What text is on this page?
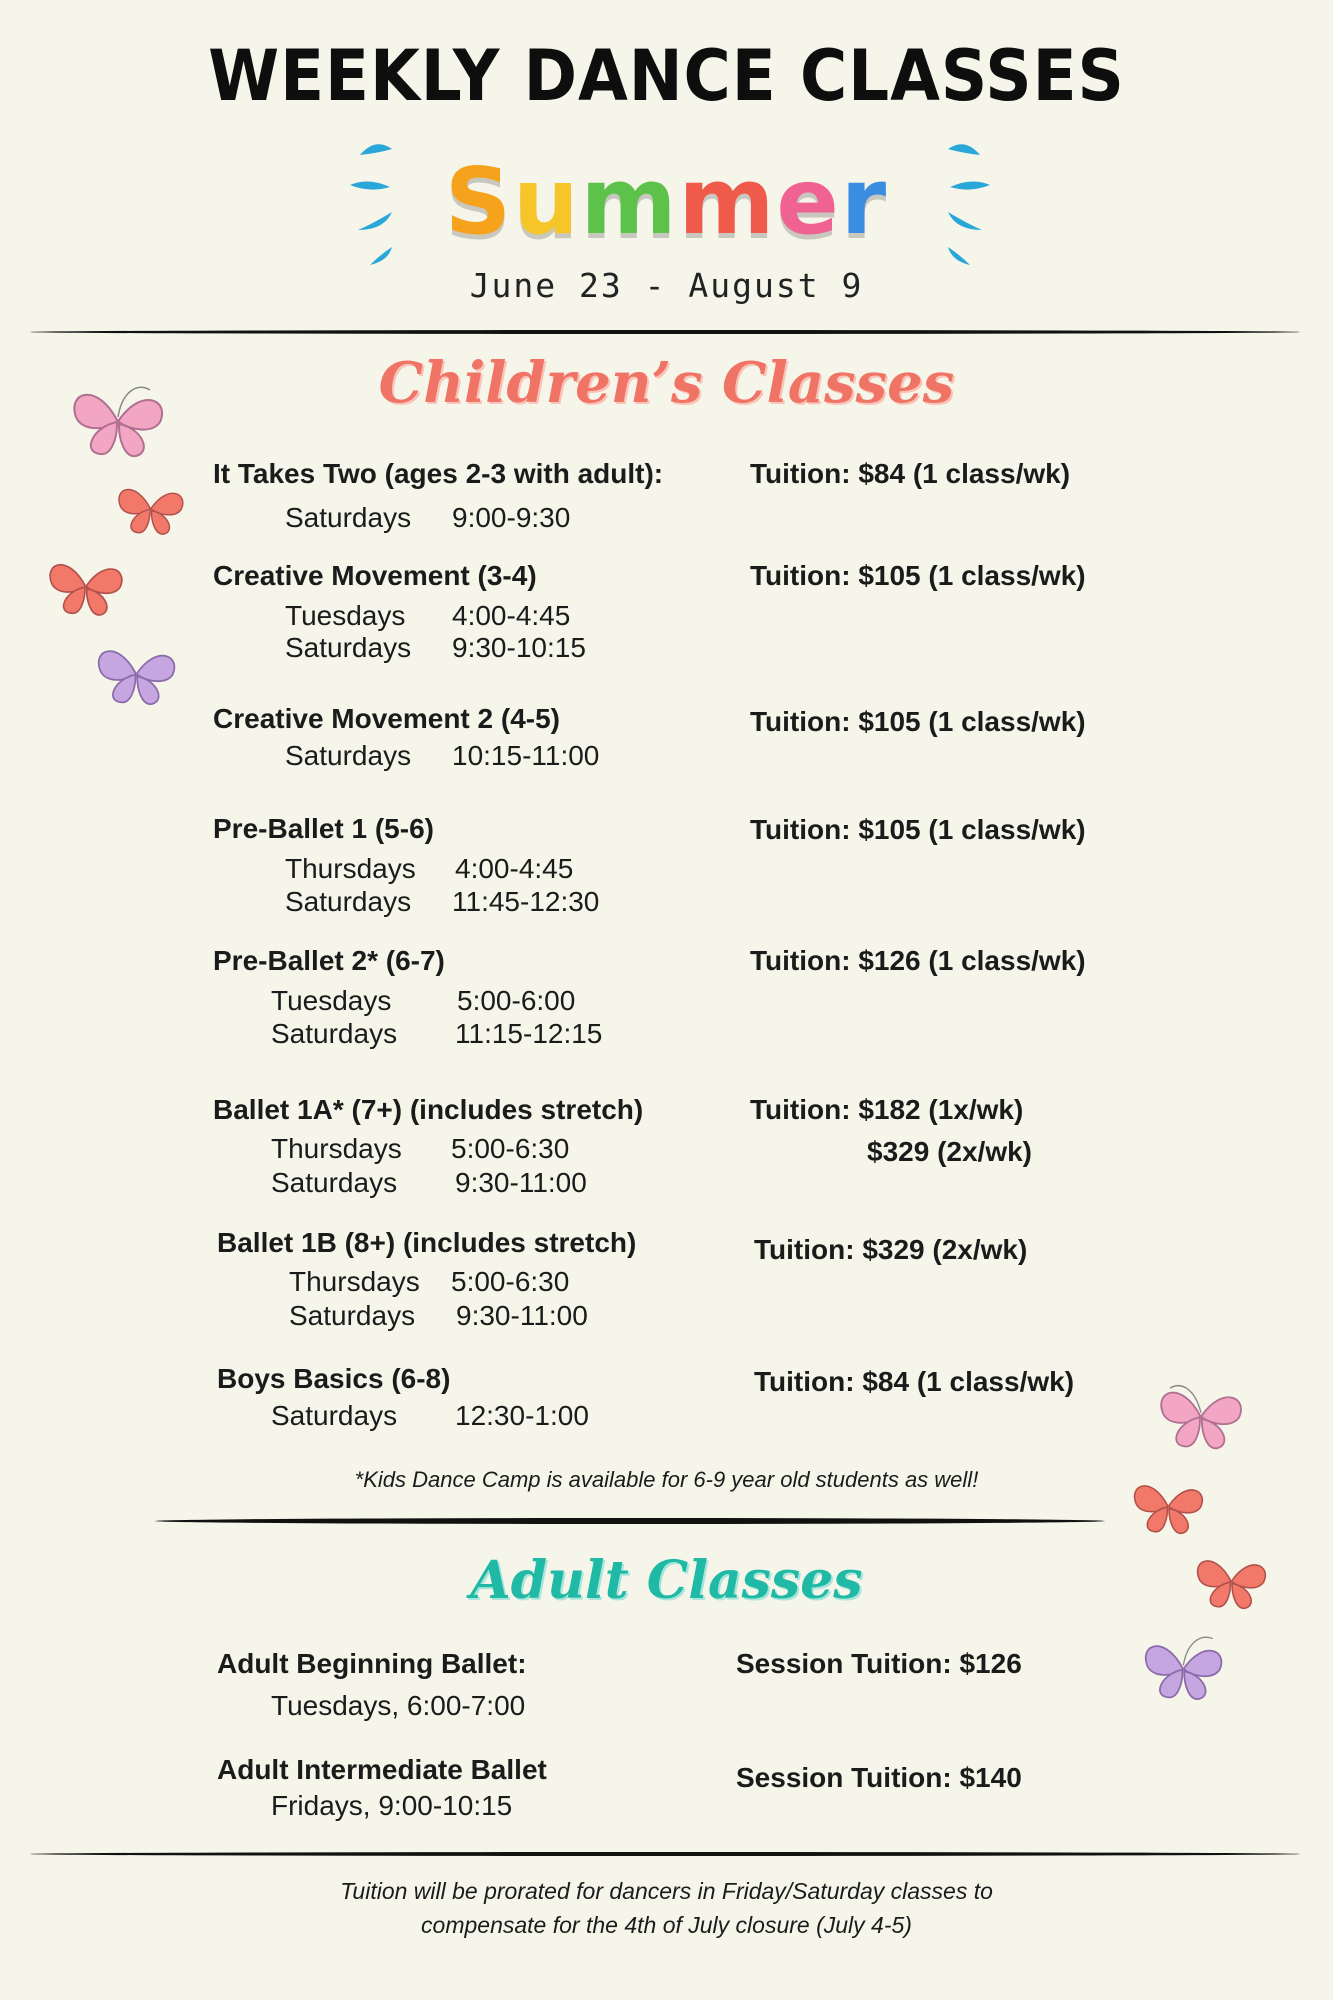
WEEKLY DANCE CLASSES
Summer
June 23 - August 9
Children’s Classes
It Takes Two (ages 2-3 with adult):
Saturdays 9:00-9:30
Tuition: $84 (1 class/wk)
Creative Movement (3-4)
Tuesdays 4:00-4:45
Saturdays 9:30-10:15
Tuition: $105 (1 class/wk)
Creative Movement 2 (4-5)
Saturdays 10:15-11:00
Tuition: $105 (1 class/wk)
Pre-Ballet 1 (5-6)
Thursdays 4:00-4:45
Saturdays 11:45-12:30
Tuition: $105 (1 class/wk)
Pre-Ballet 2* (6-7)
Tuesdays 5:00-6:00
Saturdays 11:15-12:15
Tuition: $126 (1 class/wk)
Ballet 1A* (7+) (includes stretch)
Thursdays 5:00-6:30
Saturdays 9:30-11:00
Tuition: $182 (1x/wk)
$329 (2x/wk)
Ballet 1B (8+) (includes stretch)
Thursdays 5:00-6:30
Saturdays 9:30-11:00
Tuition: $329 (2x/wk)
Boys Basics (6-8)
Saturdays 12:30-1:00
Tuition: $84 (1 class/wk)
*Kids Dance Camp is available for 6-9 year old students as well!
Adult Classes
Adult Beginning Ballet:
Tuesdays, 6:00-7:00
Session Tuition: $126
Adult Intermediate Ballet
Fridays, 9:00-10:15
Session Tuition: $140
Tuition will be prorated for dancers in Friday/Saturday classes to
compensate for the 4th of July closure (July 4-5)
